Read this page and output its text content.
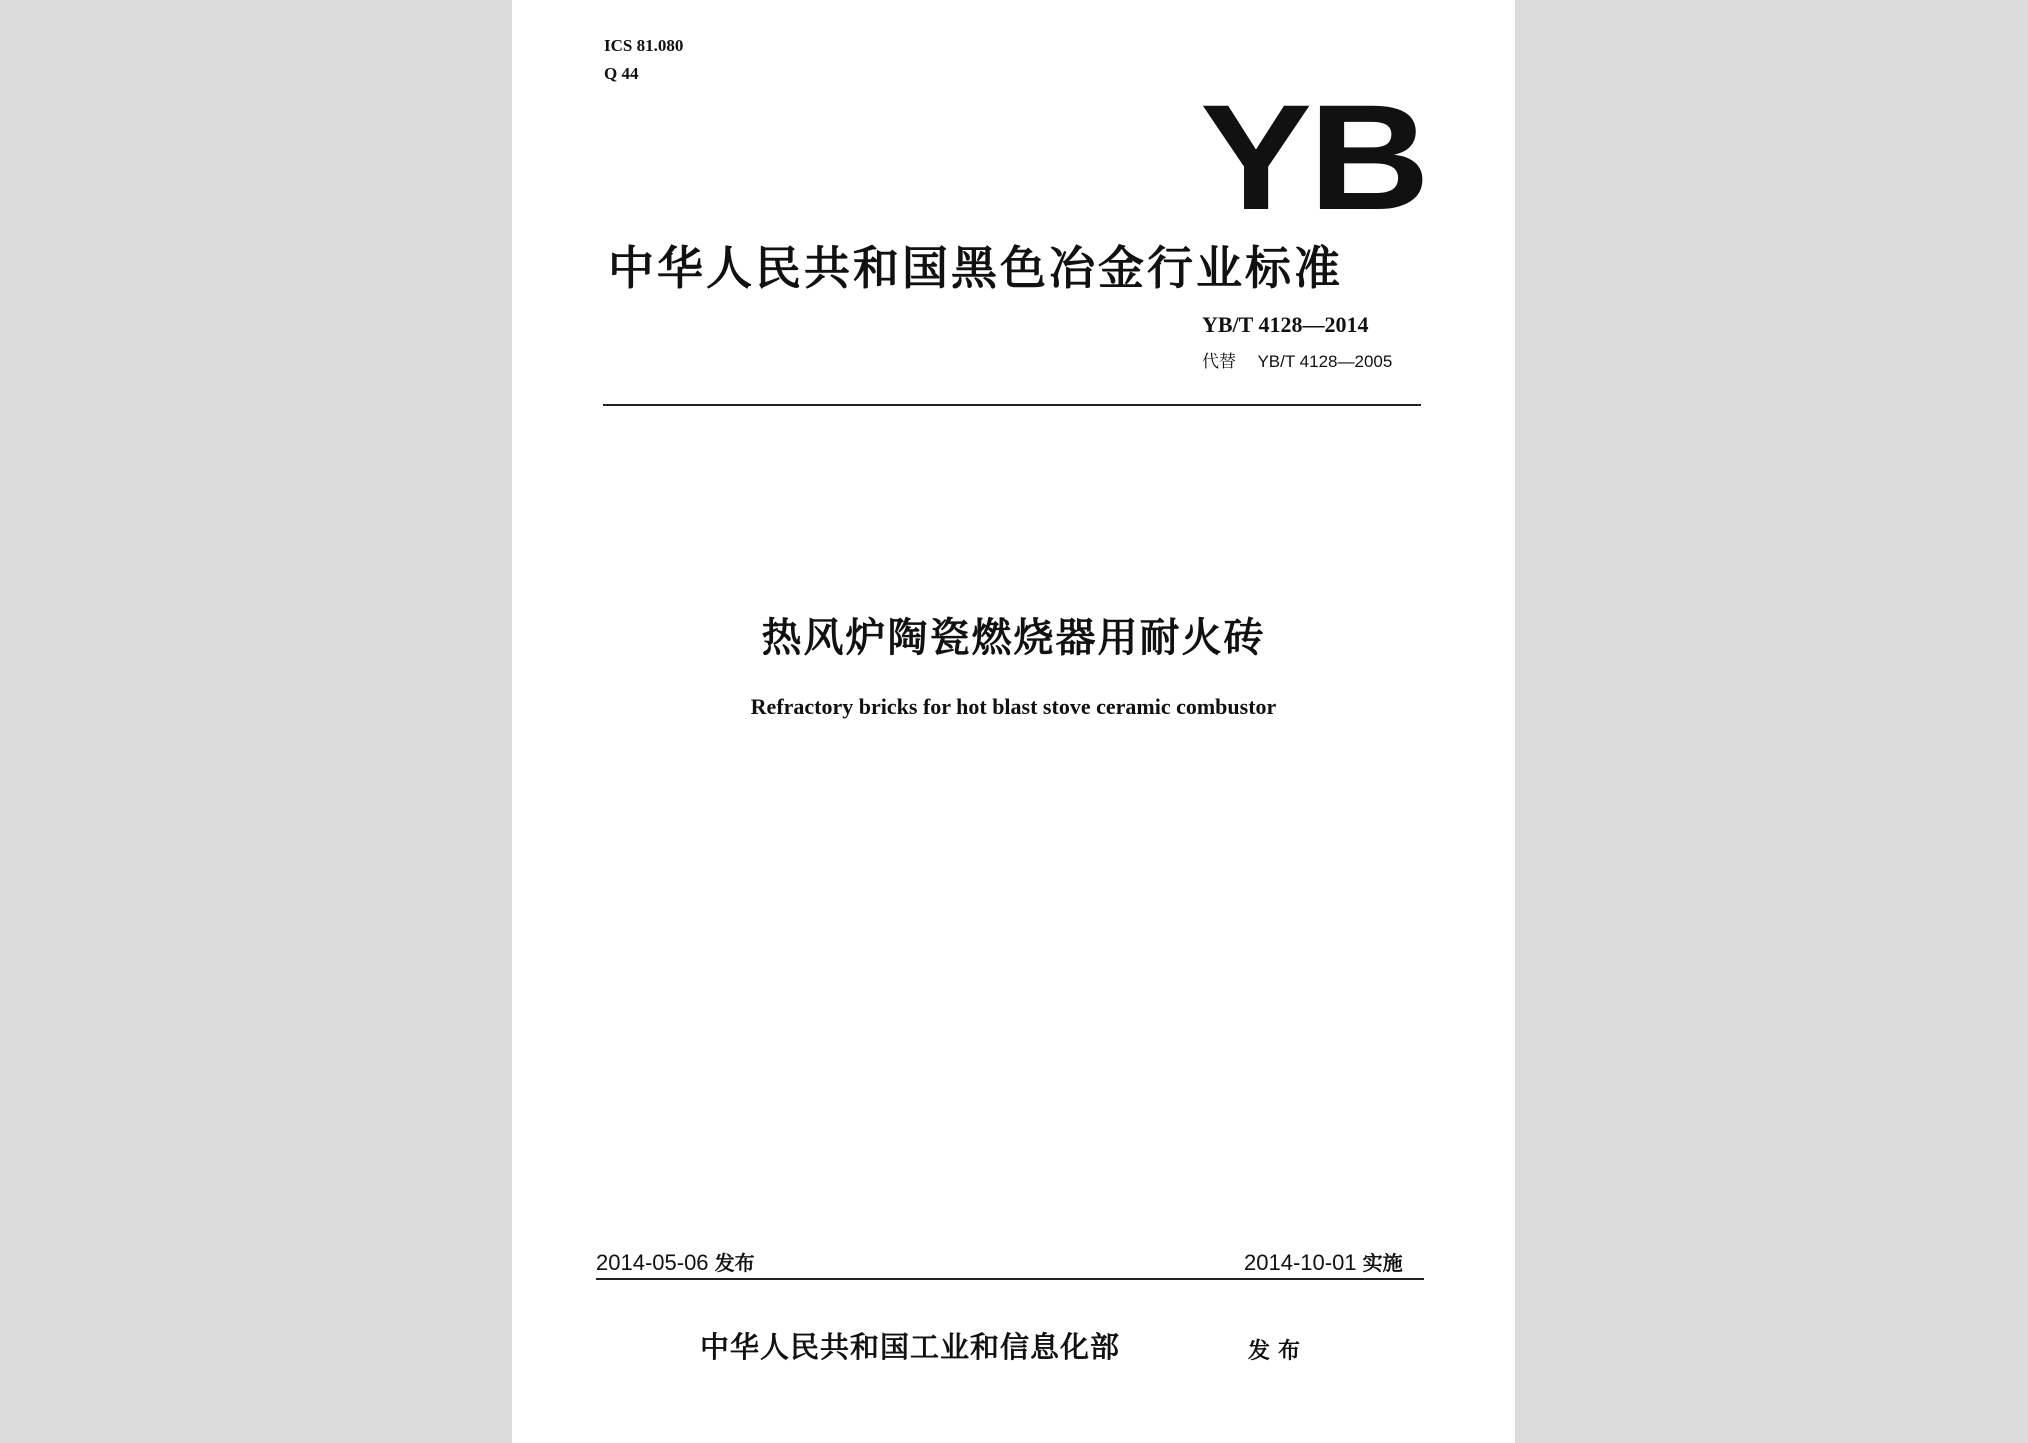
ICS 81.080
Q 44	YB
中华人民共和国黑色冶金行业标准
YB/T 4128—2014
代替 YB/T 4128—2005
热风炉陶瓷燃烧器用耐火砖
Refractory bricks for hot blast stove ceramic combustor
2014-05-06 发布	2014-10-01 实施
中华人民共和国工业和信息化部	发布
